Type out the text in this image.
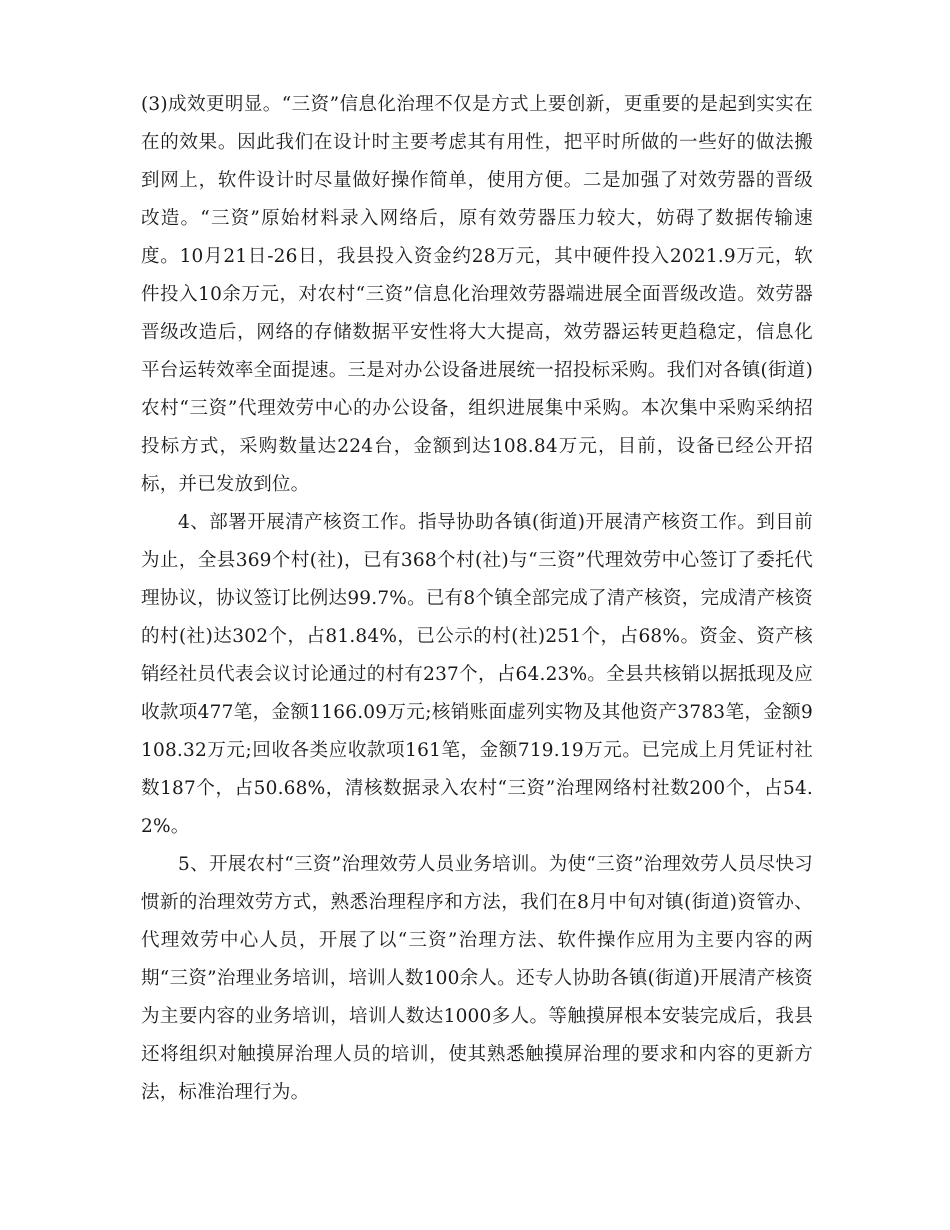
(3)成效更明显。“三资”信息化治理不仅是方式上要创新，更重要的是起到实实在在的效果。因此我们在设计时主要考虑其有用性，把平时所做的一些好的做法搬到网上，软件设计时尽量做好操作简单，使用方便。二是加强了对效劳器的晋级改造。“三资”原始材料录入网络后，原有效劳器压力较大，妨碍了数据传输速度。10月21日-26日，我县投入资金约28万元，其中硬件投入2021.9万元，软件投入10余万元，对农村“三资”信息化治理效劳器端进展全面晋级改造。效劳器晋级改造后，网络的存储数据平安性将大大提高，效劳器运转更趋稳定，信息化平台运转效率全面提速。三是对办公设备进展统一招投标采购。我们对各镇(街道)农村“三资”代理效劳中心的办公设备，组织进展集中采购。本次集中采购采纳招投标方式，采购数量达224台，金额到达108.84万元，目前，设备已经公开招标，并已发放到位。

4、部署开展清产核资工作。指导协助各镇(街道)开展清产核资工作。到目前为止，全县369个村(社)，已有368个村(社)与“三资”代理效劳中心签订了委托代理协议，协议签订比例达99.7%。已有8个镇全部完成了清产核资，完成清产核资的村(社)达302个，占81.84%，已公示的村(社)251个，占68%。资金、资产核销经社员代表会议讨论通过的村有237个，占64.23%。全县共核销以据抵现及应收款项477笔，金额1166.09万元;核销账面虚列实物及其他资产3783笔，金额9108.32万元;回收各类应收款项161笔，金额719.19万元。已完成上月凭证村社数187个，占50.68%，清核数据录入农村“三资”治理网络村社数200个，占54.2%。

5、开展农村“三资”治理效劳人员业务培训。为使“三资”治理效劳人员尽快习惯新的治理效劳方式，熟悉治理程序和方法，我们在8月中旬对镇(街道)资管办、代理效劳中心人员，开展了以“三资”治理方法、软件操作应用为主要内容的两期“三资”治理业务培训，培训人数100余人。还专人协助各镇(街道)开展清产核资为主要内容的业务培训，培训人数达1000多人。等触摸屏根本安装完成后，我县还将组织对触摸屏治理人员的培训，使其熟悉触摸屏治理的要求和内容的更新方法，标准治理行为。
